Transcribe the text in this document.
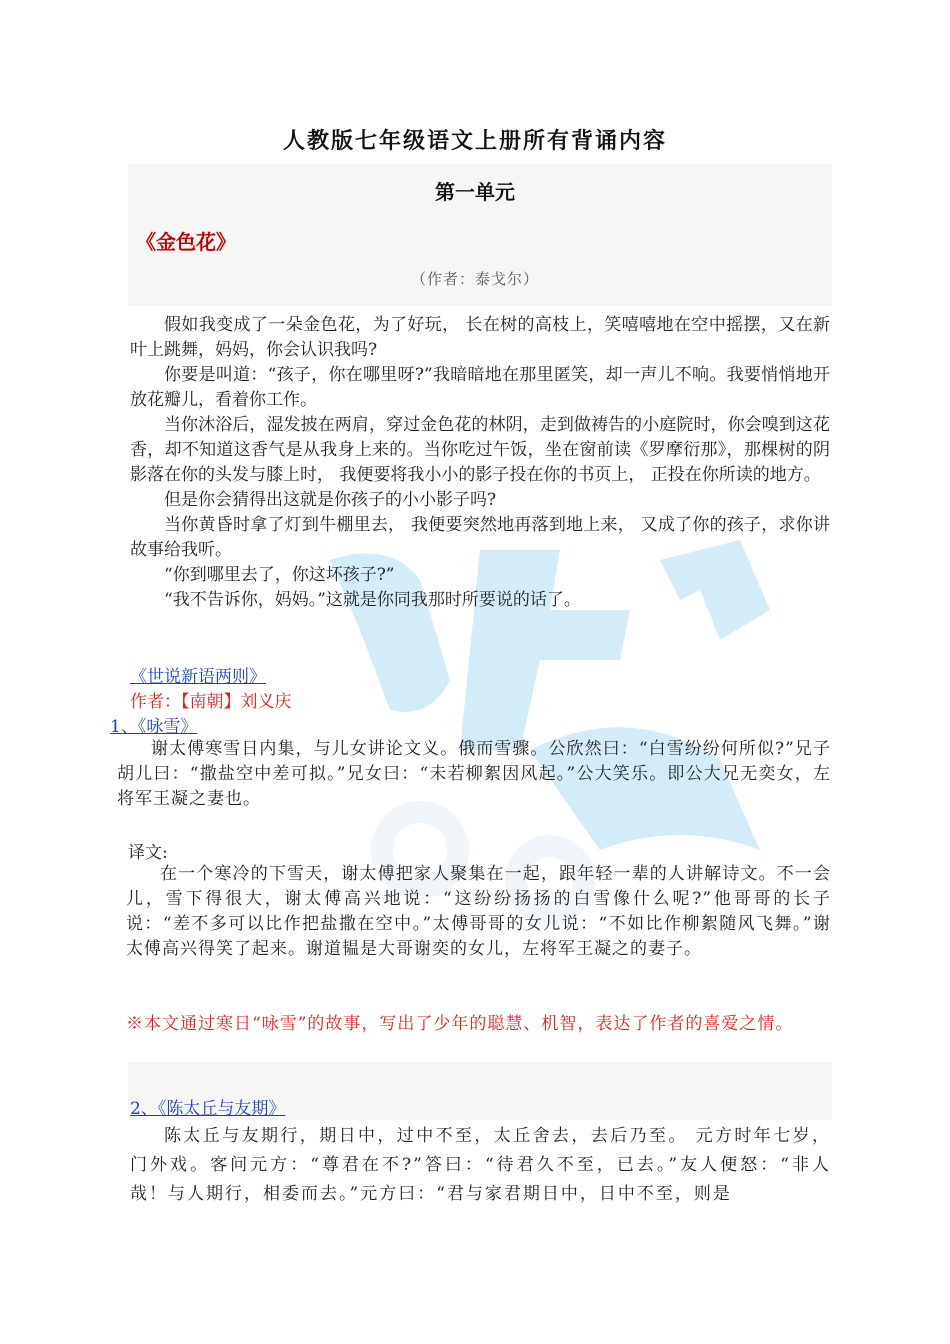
人教版七年级语文上册所有背诵内容
第一单元
《金色花》
（作者：泰戈尔）

假如我变成了一朵金色花，为了好玩， 长在树的高枝上，笑嘻嘻地在空中摇摆，又在新叶上跳舞，妈妈，你会认识我吗?

你要是叫道：“孩子，你在哪里呀?”我暗暗地在那里匿笑，却一声儿不响。我要悄悄地开放花瓣儿，看着你工作。

当你沐浴后，湿发披在两肩，穿过金色花的林阴，走到做祷告的小庭院时，你会嗅到这花香，却不知道这香气是从我身上来的。当你吃过午饭，坐在窗前读《罗摩衍那》，那棵树的阴影落在你的头发与膝上时， 我便要将我小小的影子投在你的书页上， 正投在你所读的地方。

但是你会猜得出这就是你孩子的小小影子吗?

当你黄昏时拿了灯到牛棚里去， 我便要突然地再落到地上来， 又成了你的孩子，求你讲故事给我听。

“你到哪里去了，你这坏孩子?”

“我不告诉你，妈妈。”这就是你同我那时所要说的话了。

《世说新语两则》
作者：【南朝】刘义庆
1、《咏雪》

谢太傅寒雪日内集，与儿女讲论文义。俄而雪骤。公欣然曰：“白雪纷纷何所似?”兄子胡儿曰：“撒盐空中差可拟。”兄女曰：“未若柳絮因风起。”公大笑乐。即公大兄无奕女，左将军王凝之妻也。

译文:

在一个寒冷的下雪天，谢太傅把家人聚集在一起，跟年轻一辈的人讲解诗文。不一会儿，雪下得很大，谢太傅高兴地说：“这纷纷扬扬的白雪像什么呢?”他哥哥的长子说：“差不多可以比作把盐撒在空中。”太傅哥哥的女儿说：“不如比作柳絮随风飞舞。”谢太傅高兴得笑了起来。谢道韫是大哥谢奕的女儿，左将军王凝之的妻子。

※本文通过寒日“咏雪”的故事，写出了少年的聪慧、机智，表达了作者的喜爱之情。

2、《陈太丘与友期》

陈太丘与友期行，期日中，过中不至，太丘舍去，去后乃至。 元方时年七岁，门外戏。客问元方：“尊君在不?”答曰：“待君久不至，已去。”友人便怒：“非人哉！与人期行，相委而去。”元方曰：“君与家君期日中，日中不至，则是
